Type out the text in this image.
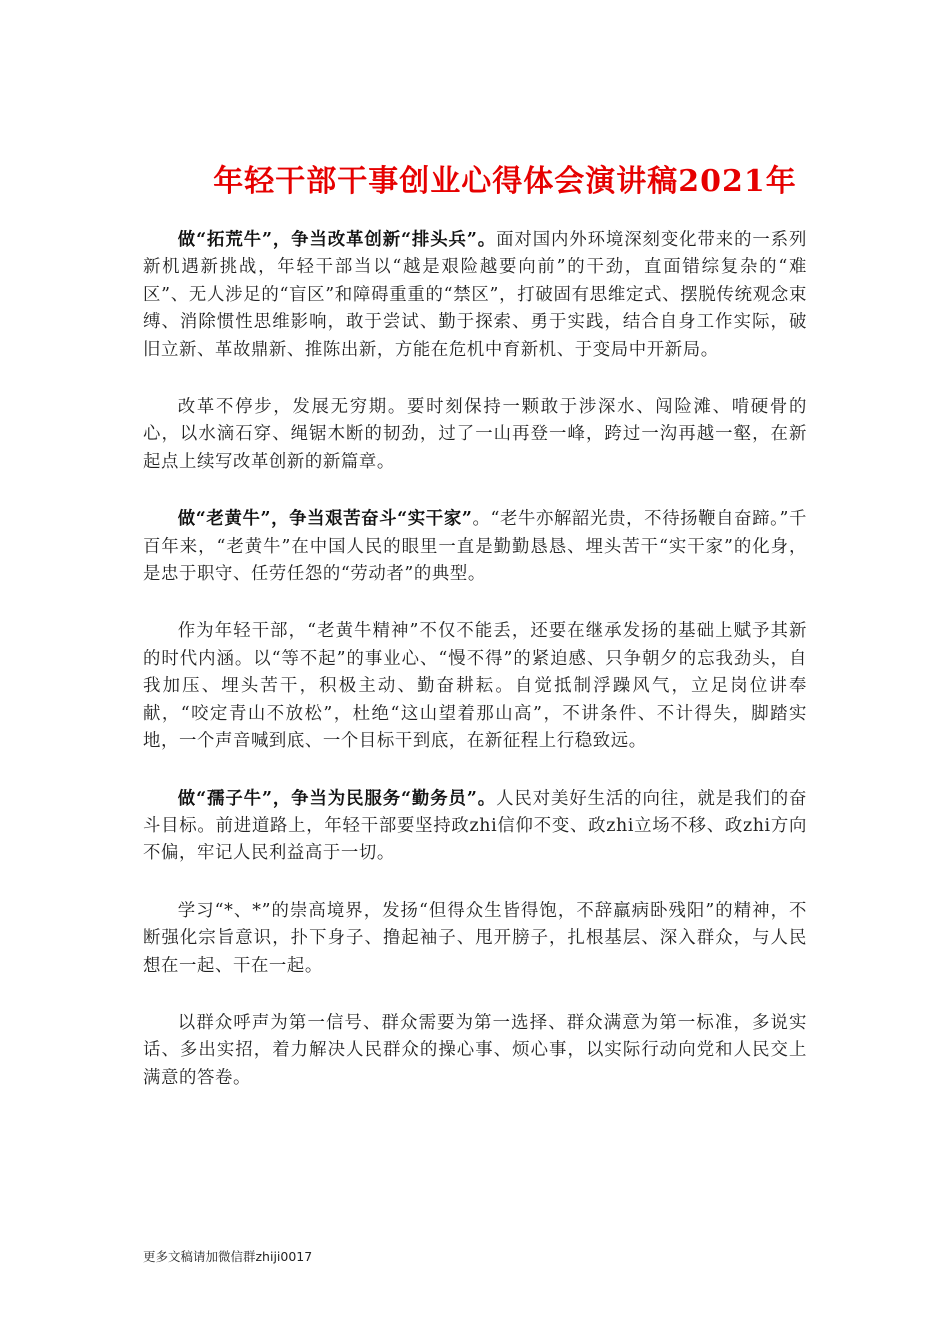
年轻干部干事创业心得体会演讲稿2021年

做“拓荒牛”，争当改革创新“排头兵”。面对国内外环境深刻变化带来的一系列新机遇新挑战，年轻干部当以“越是艰险越要向前”的干劲，直面错综复杂的“难区”、无人涉足的“盲区”和障碍重重的“禁区”，打破固有思维定式、摆脱传统观念束缚、消除惯性思维影响，敢于尝试、勤于探索、勇于实践，结合自身工作实际，破旧立新、革故鼎新、推陈出新，方能在危机中育新机、于变局中开新局。

改革不停步，发展无穷期。要时刻保持一颗敢于涉深水、闯险滩、啃硬骨的心，以水滴石穿、绳锯木断的韧劲，过了一山再登一峰，跨过一沟再越一壑，在新起点上续写改革创新的新篇章。

做“老黄牛”，争当艰苦奋斗“实干家”。“老牛亦解韶光贵，不待扬鞭自奋蹄。”千百年来，“老黄牛”在中国人民的眼里一直是勤勤恳恳、埋头苦干“实干家”的化身，是忠于职守、任劳任怨的“劳动者”的典型。

作为年轻干部，“老黄牛精神”不仅不能丢，还要在继承发扬的基础上赋予其新的时代内涵。以“等不起”的事业心、“慢不得”的紧迫感、只争朝夕的忘我劲头，自我加压、埋头苦干，积极主动、勤奋耕耘。自觉抵制浮躁风气，立足岗位讲奉献，“咬定青山不放松”，杜绝“这山望着那山高”，不讲条件、不计得失，脚踏实地，一个声音喊到底、一个目标干到底，在新征程上行稳致远。

做“孺子牛”，争当为民服务“勤务员”。人民对美好生活的向往，就是我们的奋斗目标。前进道路上，年轻干部要坚持政zhi信仰不变、政zhi立场不移、政zhi方向不偏，牢记人民利益高于一切。

学习“*、*”的崇高境界，发扬“但得众生皆得饱，不辞羸病卧残阳”的精神，不断强化宗旨意识，扑下身子、撸起袖子、甩开膀子，扎根基层、深入群众，与人民想在一起、干在一起。

以群众呼声为第一信号、群众需要为第一选择、群众满意为第一标准，多说实话、多出实招，着力解决人民群众的操心事、烦心事，以实际行动向党和人民交上满意的答卷。

更多文稿请加微信群zhiji0017
